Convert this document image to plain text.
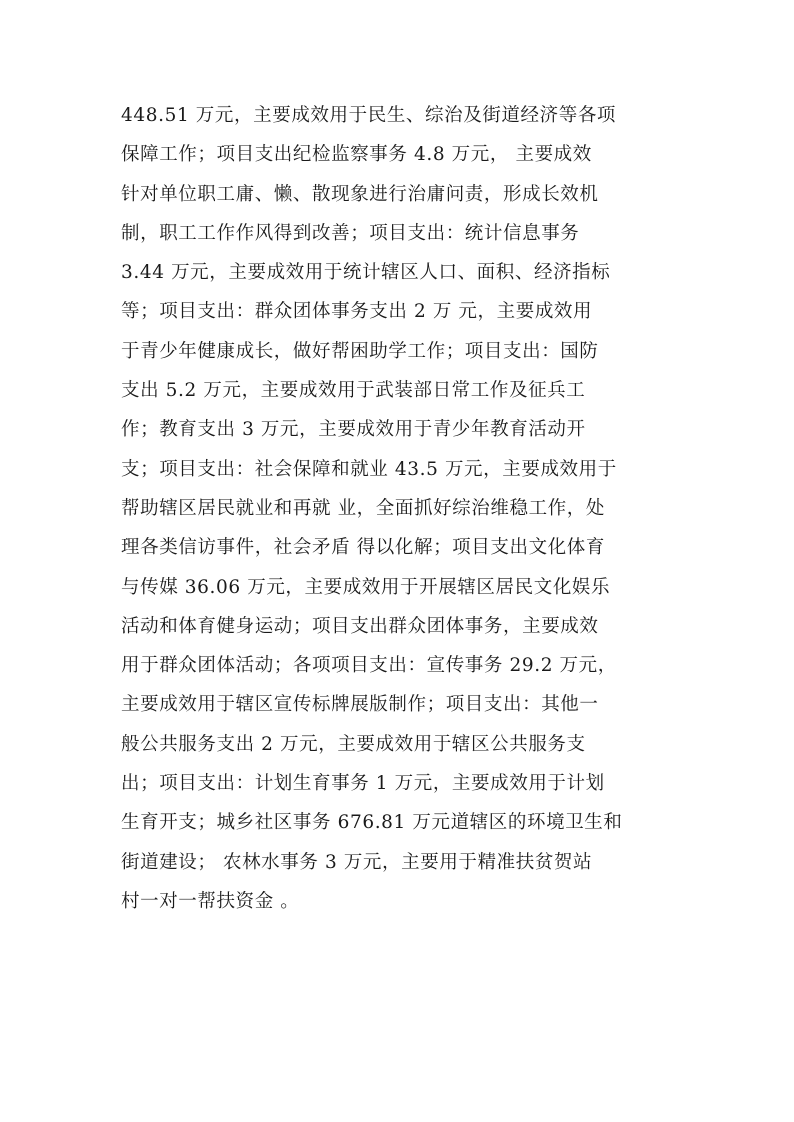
448.51 万元，主要成效用于民生、综治及街道经济等各项
保障工作；项目支出纪检监察事务 4.8 万元， 主要成效
针对单位职工庸、懒、散现象进行治庸问责，形成长效机
制，职工工作作风得到改善；项目支出：统计信息事务
3.44 万元，主要成效用于统计辖区人口、面积、经济指标
等；项目支出：群众团体事务支出 2 万 元，主要成效用
于青少年健康成长，做好帮困助学工作；项目支出：国防
支出 5.2 万元，主要成效用于武装部日常工作及征兵工
作；教育支出 3 万元，主要成效用于青少年教育活动开
支；项目支出：社会保障和就业 43.5 万元，主要成效用于
帮助辖区居民就业和再就 业，全面抓好综治维稳工作，处
理各类信访事件，社会矛盾 得以化解；项目支出文化体育
与传媒 36.06 万元，主要成效用于开展辖区居民文化娱乐
活动和体育健身运动；项目支出群众团体事务，主要成效
用于群众团体活动；各项项目支出：宣传事务 29.2 万元，
主要成效用于辖区宣传标牌展版制作；项目支出：其他一
般公共服务支出 2 万元，主要成效用于辖区公共服务支
出；项目支出：计划生育事务 1 万元，主要成效用于计划
生育开支；城乡社区事务 676.81 万元道辖区的环境卫生和
街道建设； 农林水事务 3 万元，主要用于精准扶贫贺站
村一对一帮扶资金 。
